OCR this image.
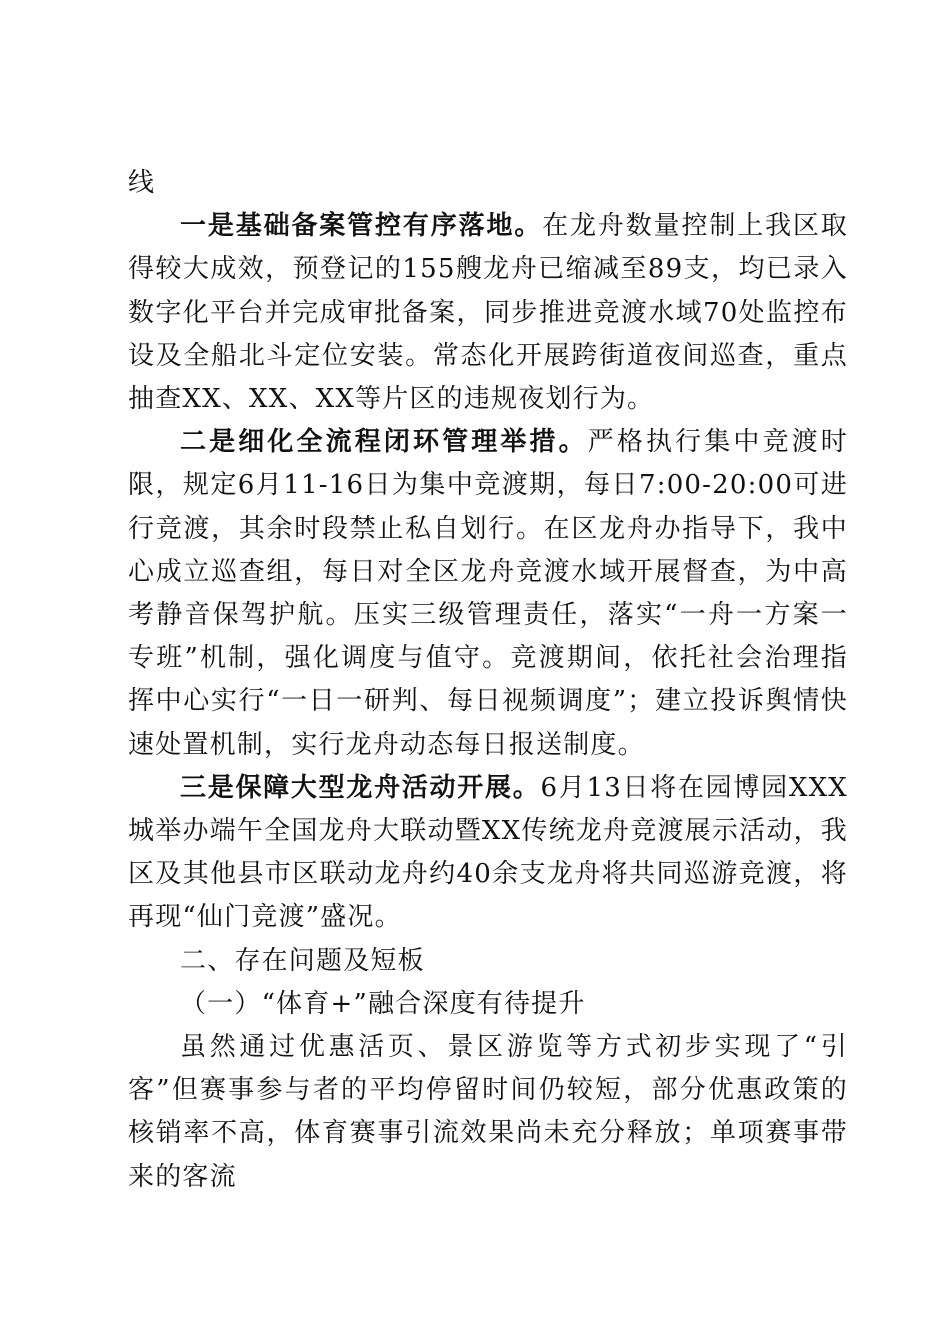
线

一是基础备案管控有序落地。在龙舟数量控制上我区取得较大成效，预登记的155艘龙舟已缩减至89支，均已录入数字化平台并完成审批备案，同步推进竞渡水域70处监控布设及全船北斗定位安装。常态化开展跨街道夜间巡查，重点抽查XX、XX、XX等片区的违规夜划行为。

二是细化全流程闭环管理举措。严格执行集中竞渡时限，规定6月11-16日为集中竞渡期，每日7:00-20:00可进行竞渡，其余时段禁止私自划行。在区龙舟办指导下，我中心成立巡查组，每日对全区龙舟竞渡水域开展督查，为中高考静音保驾护航。压实三级管理责任，落实“一舟一方案一专班”机制，强化调度与值守。竞渡期间，依托社会治理指挥中心实行“一日一研判、每日视频调度”；建立投诉舆情快速处置机制，实行龙舟动态每日报送制度。

三是保障大型龙舟活动开展。6月13日将在园博园XXX城举办端午全国龙舟大联动暨XX传统龙舟竞渡展示活动，我区及其他县市区联动龙舟约40余支龙舟将共同巡游竞渡，将再现“仙门竞渡”盛况。

二、存在问题及短板

（一）“体育+”融合深度有待提升

虽然通过优惠活页、景区游览等方式初步实现了“引客”但赛事参与者的平均停留时间仍较短，部分优惠政策的核销率不高，体育赛事引流效果尚未充分释放；单项赛事带来的客流
